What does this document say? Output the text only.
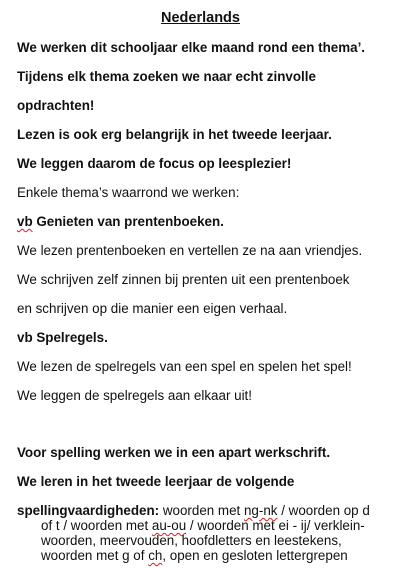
Nederlands

We werken dit schooljaar elke maand rond een thema’.

Tijdens elk thema zoeken we naar echt zinvolle

opdrachten!

Lezen is ook erg belangrijk in het tweede leerjaar.

We leggen daarom de focus op leesplezier!

Enkele thema’s waarrond we werken:

vb Genieten van prentenboeken.

We lezen prentenboeken en vertellen ze na aan vriendjes.

We schrijven zelf zinnen bij prenten uit een prentenboek

en schrijven op die manier een eigen verhaal.

vb Spelregels.

We lezen de spelregels van een spel en spelen het spel!

We leggen de spelregels aan elkaar uit!

Voor spelling werken we in een apart werkschrift.

We leren in het tweede leerjaar de volgende

spellingvaardigheden: woorden met ng-nk / woorden op d

of t / woorden met au-ou / woorden met ei - ij/ verklein-

woorden, meervouden, hoofdletters en leestekens,

woorden met g of ch, open en gesloten lettergrepen
